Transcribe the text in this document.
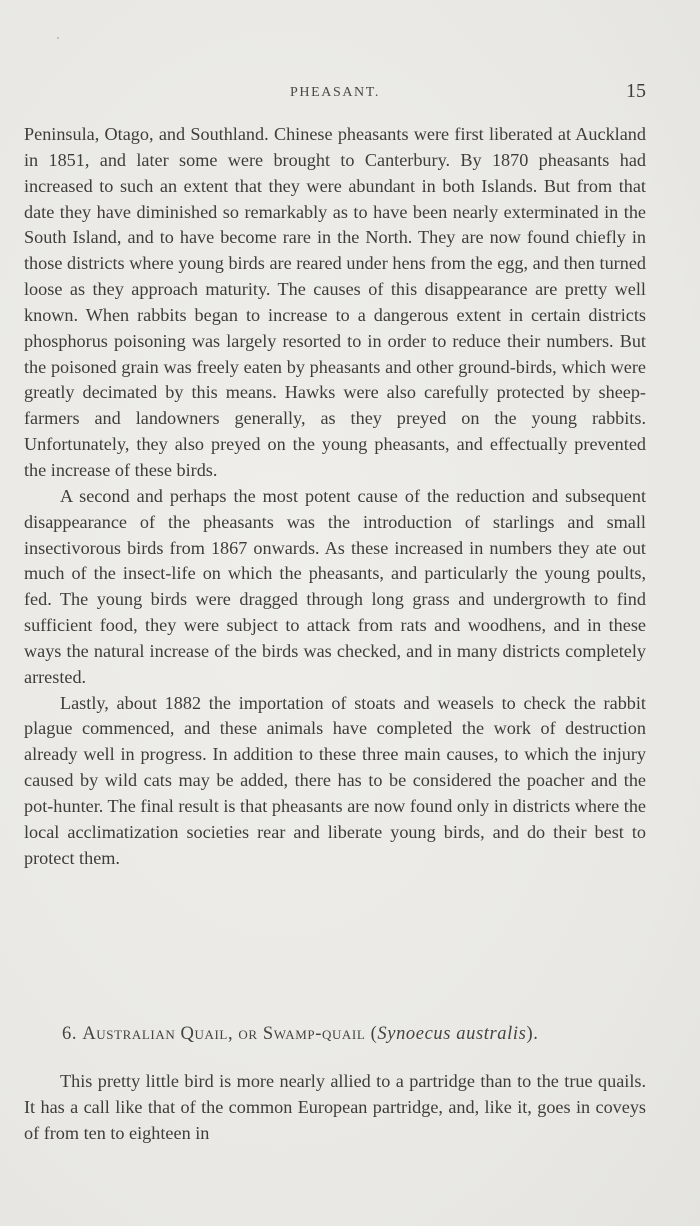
PHEASANT.	15

Peninsula, Otago, and Southland. Chinese pheasants were first liberated at Auckland in 1851, and later some were brought to Canterbury. By 1870 pheasants had increased to such an extent that they were abundant in both Islands. But from that date they have diminished so remarkably as to have been nearly exterminated in the South Island, and to have become rare in the North. They are now found chiefly in those districts where young birds are reared under hens from the egg, and then turned loose as they approach maturity. The causes of this disappearance are pretty well known. When rabbits began to increase to a dangerous extent in certain districts phosphorus poisoning was largely resorted to in order to reduce their numbers. But the poisoned grain was freely eaten by pheasants and other ground-birds, which were greatly decimated by this means. Hawks were also carefully protected by sheep-farmers and landowners generally, as they preyed on the young rabbits. Unfortunately, they also preyed on the young pheasants, and effectually prevented the increase of these birds.

A second and perhaps the most potent cause of the reduction and subsequent disappearance of the pheasants was the introduction of starlings and small insectivorous birds from 1867 onwards. As these increased in numbers they ate out much of the insect-life on which the pheasants, and particularly the young poults, fed. The young birds were dragged through long grass and undergrowth to find sufficient food, they were subject to attack from rats and woodhens, and in these ways the natural increase of the birds was checked, and in many districts completely arrested.

Lastly, about 1882 the importation of stoats and weasels to check the rabbit plague commenced, and these animals have completed the work of destruction already well in progress. In addition to these three main causes, to which the injury caused by wild cats may be added, there has to be considered the poacher and the pot-hunter. The final result is that pheasants are now found only in districts where the local acclimatization societies rear and liberate young birds, and do their best to protect them.

6. Australian Quail, or Swamp-quail (Synoecus australis).

This pretty little bird is more nearly allied to a partridge than to the true quails. It has a call like that of the common European partridge, and, like it, goes in coveys of from ten to eighteen in
